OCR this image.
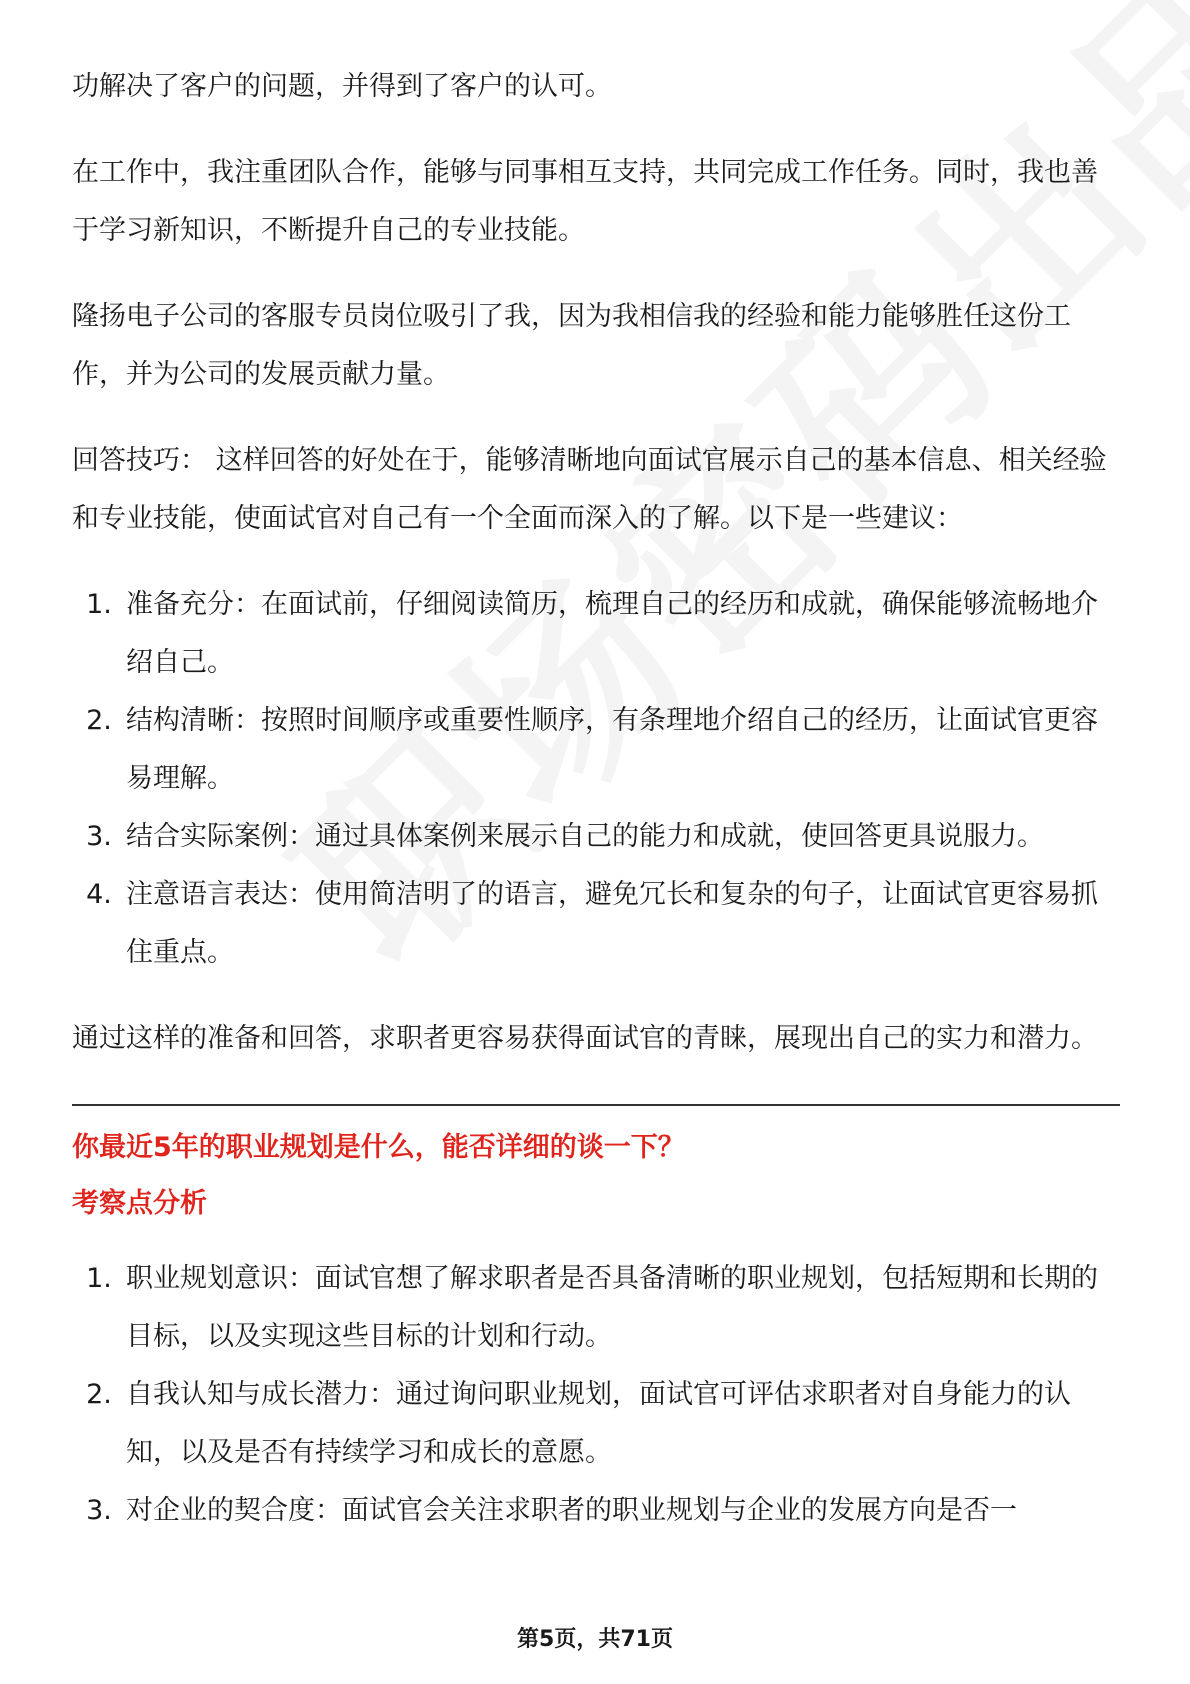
功解决了客户的问题，并得到了客户的认可。

在工作中，我注重团队合作，能够与同事相互支持，共同完成工作任务。同时，我也善于学习新知识，不断提升自己的专业技能。

隆扬电子公司的客服专员岗位吸引了我，因为我相信我的经验和能力能够胜任这份工作，并为公司的发展贡献力量。

回答技巧： 这样回答的好处在于，能够清晰地向面试官展示自己的基本信息、相关经验和专业技能，使面试官对自己有一个全面而深入的了解。以下是一些建议：

1. 准备充分：在面试前，仔细阅读简历，梳理自己的经历和成就，确保能够流畅地介绍自己。
2. 结构清晰：按照时间顺序或重要性顺序，有条理地介绍自己的经历，让面试官更容易理解。
3. 结合实际案例：通过具体案例来展示自己的能力和成就，使回答更具说服力。
4. 注意语言表达：使用简洁明了的语言，避免冗长和复杂的句子，让面试官更容易抓住重点。

通过这样的准备和回答，求职者更容易获得面试官的青睐，展现出自己的实力和潜力。

你最近5年的职业规划是什么，能否详细的谈一下？

考察点分析

1. 职业规划意识：面试官想了解求职者是否具备清晰的职业规划，包括短期和长期的目标，以及实现这些目标的计划和行动。
2. 自我认知与成长潜力：通过询问职业规划，面试官可评估求职者对自身能力的认知，以及是否有持续学习和成长的意愿。
3. 对企业的契合度：面试官会关注求职者的职业规划与企业的发展方向是否一
第5页，共71页
